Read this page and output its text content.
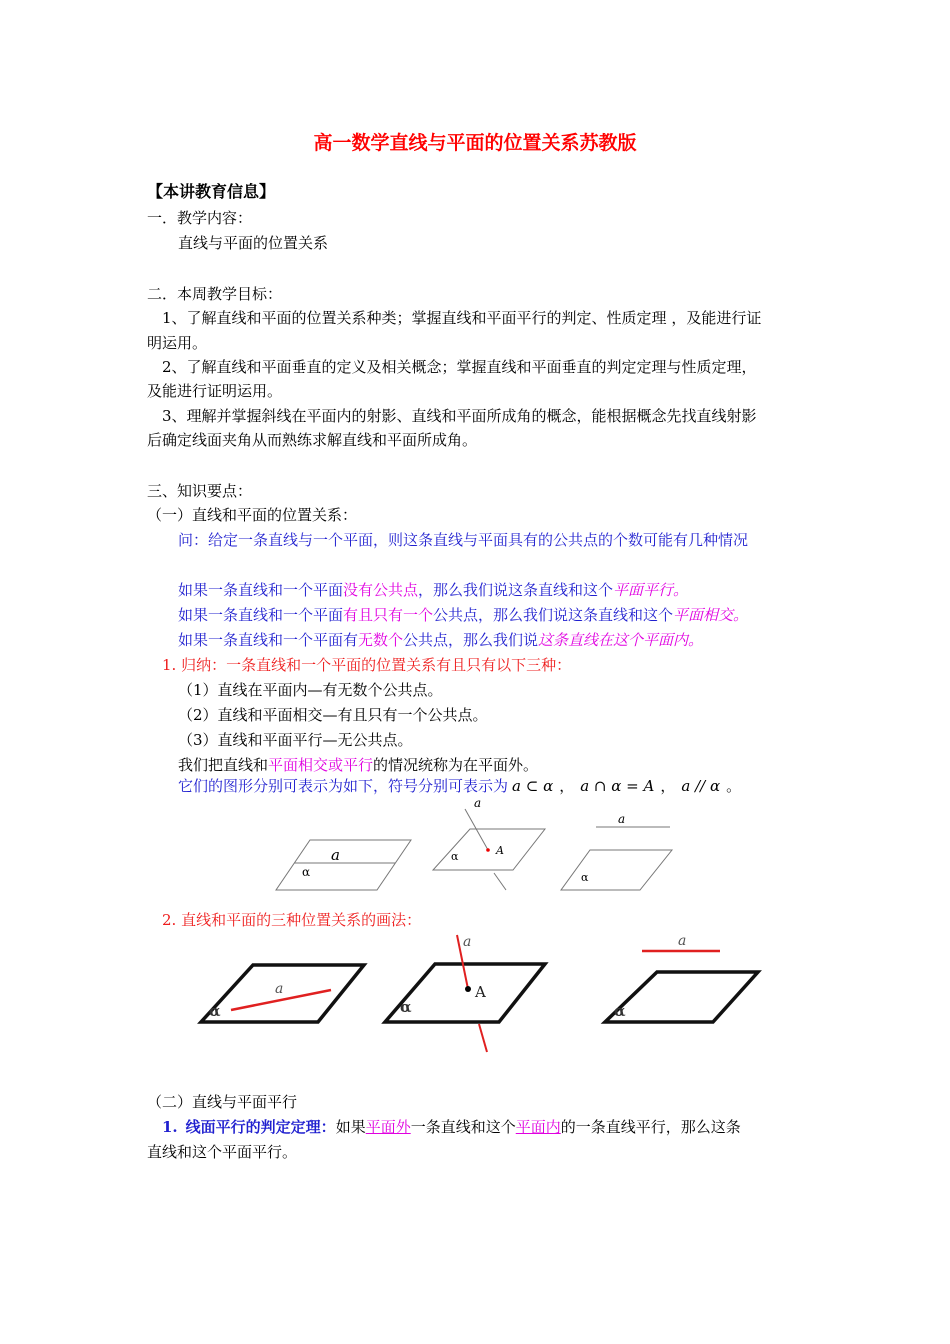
高一数学直线与平面的位置关系苏教版
【本讲教育信息】
一．教学内容：
直线与平面的位置关系
二．本周教学目标：
1、了解直线和平面的位置关系种类；掌握直线和平面平行的判定、性质定理 ，及能进行证
明运用。
2、了解直线和平面垂直的定义及相关概念；掌握直线和平面垂直的判定定理与性质定理，
及能进行证明运用。
3、理解并掌握斜线在平面内的射影、直线和平面所成角的概念，能根据概念先找直线射影
后确定线面夹角从而熟练求解直线和平面所成角。
三、知识要点：
（一）直线和平面的位置关系：
问：给定一条直线与一个平面，则这条直线与平面具有的公共点的个数可能有几种情况
如果一条直线和一个平面没有公共点，那么我们说这条直线和这个平面平行。
如果一条直线和一个平面有且只有一个公共点，那么我们说这条直线和这个平面相交。
如果一条直线和一个平面有无数个公共点，那么我们说这条直线在这个平面内。
1. 归纳：一条直线和一个平面的位置关系有且只有以下三种：
（1）直线在平面内—有无数个公共点。
（2）直线和平面相交—有且只有一个公共点。
（3）直线和平面平行—无公共点。
我们把直线和平面相交或平行的情况统称为在平面外。
它们的图形分别可表示为如下，符号分别可表示为 a ⊂ α ， a ∩ α = A ， a // α 。
a
α
a
A
α
a
α
2. 直线和平面的三种位置关系的画法：
a
α
a
A
α
a
α
（二）直线与平面平行
1. 线面平行的判定定理：如果平面外一条直线和这个平面内的一条直线平行，那么这条
直线和这个平面平行。
